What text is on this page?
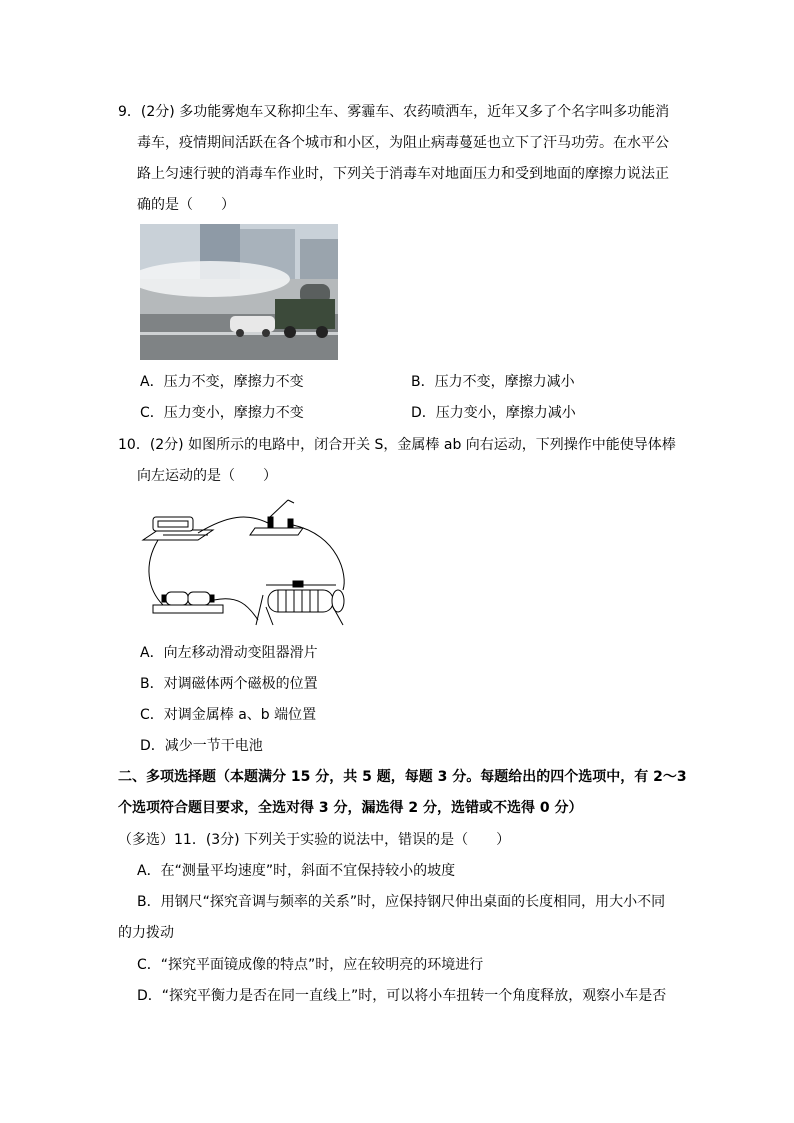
9．(2分) 多功能雾炮车又称抑尘车、雾霾车、农药喷洒车，近年又多了个名字叫多功能消
毒车，疫情期间活跃在各个城市和小区，为阻止病毒蔓延也立下了汗马功劳。在水平公
路上匀速行驶的消毒车作业时，下列关于消毒车对地面压力和受到地面的摩擦力说法正
确的是（　　）
A．压力不变，摩擦力不变	B．压力不变，摩擦力减小
C．压力变小，摩擦力不变	D．压力变小，摩擦力减小
10．(2分) 如图所示的电路中，闭合开关 S，金属棒 ab 向右运动，下列操作中能使导体棒
向左运动的是（　　）
A．向左移动滑动变阻器滑片
B．对调磁体两个磁极的位置
C．对调金属棒 a、b 端位置
D．减少一节干电池
二、多项选择题（本题满分 15 分，共 5 题，每题 3 分。每题给出的四个选项中，有 2～3
个选项符合题目要求，全选对得 3 分，漏选得 2 分，选错或不选得 0 分）
（多选）11．(3分) 下列关于实验的说法中，错误的是（　　）
A．在“测量平均速度”时，斜面不宜保持较小的坡度
B．用钢尺“探究音调与频率的关系”时，应保持钢尺伸出桌面的长度相同，用大小不同
的力拨动
C．“探究平面镜成像的特点”时，应在较明亮的环境进行
D．“探究平衡力是否在同一直线上”时，可以将小车扭转一个角度释放，观察小车是否
